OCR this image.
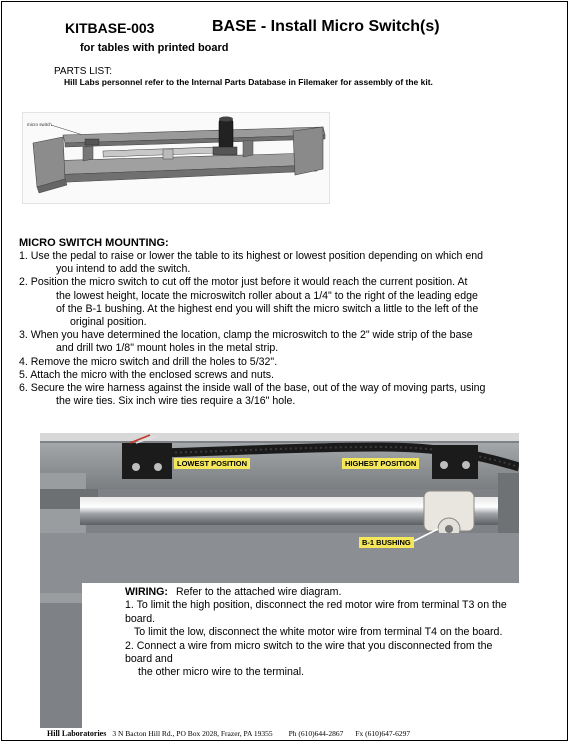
KITBASE-003	BASE - Install Micro Switch(s)
for tables with printed board
PARTS LIST:
Hill Labs personnel refer to the Internal Parts Database in Filemaker for assembly of the kit.
micro switch
MICRO SWITCH MOUNTING:
1. Use the pedal to raise or lower the table to its highest or lowest position depending on which end
you intend to add the switch.
2. Position the micro switch to cut off the motor just before it would reach the current position. At
the lowest height, locate the microswitch roller about a 1/4" to the right of the leading edge
of the B-1 bushing. At the highest end you will shift the micro switch a little to the left of the
original position.
3. When you have determined the location, clamp the microswitch to the 2" wide strip of the base
and drill two 1/8" mount holes in the metal strip.
4. Remove the micro switch and drill the holes to 5/32".
5. Attach the micro with the enclosed screws and nuts.
6. Secure the wire harness against the inside wall of the base, out of the way of moving parts, using
the wire ties. Six inch wire ties require a 3/16" hole.
LOWEST POSITION	HIGHEST POSITION
B-1 BUSHING
WIRING: Refer to the attached wire diagram.
1. To limit the high position, disconnect the red motor wire from terminal T3 on the board.
To limit the low, disconnect the white motor wire from terminal T4 on the board.
2. Connect a wire from micro switch to the wire that you disconnected from the board and
the other micro wire to the terminal.
Hill Laboratories 3 N Bacton Hill Rd., PO Box 2028, Frazer, PA 19355 Ph (610)644-2867 Fx (610)647-6297
